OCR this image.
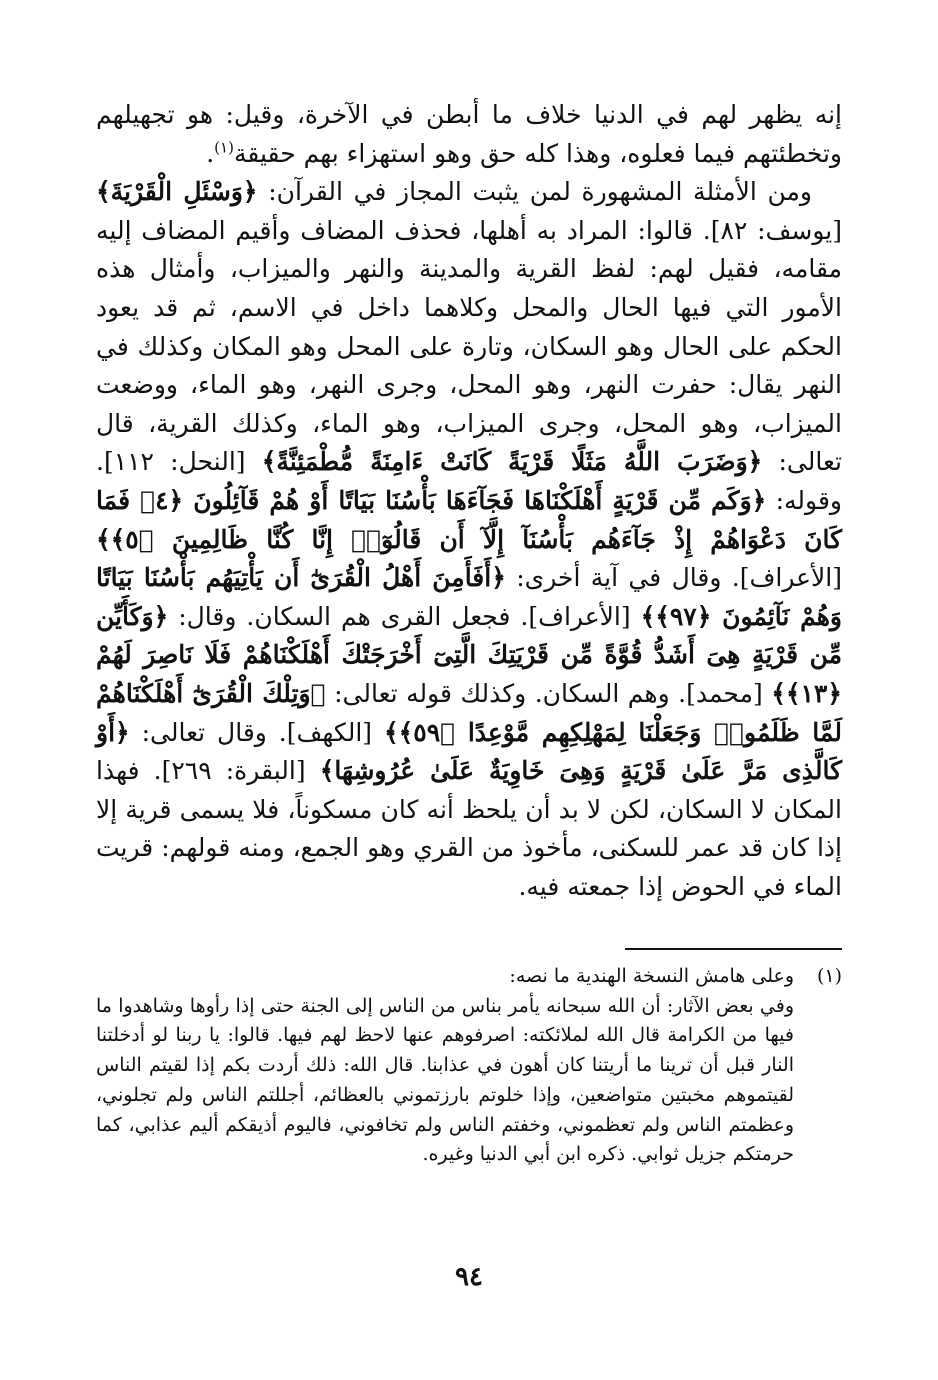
إنه يظهر لهم في الدنيا خلاف ما أبطن في الآخرة، وقيل: هو تجهيلهم وتخطئتهم فيما فعلوه، وهذا كله حق وهو استهزاء بهم حقيقة$^{(١)}$.

ومن الأمثلة المشهورة لمن يثبت المجاز في القرآن: ﴿وَسْئَلِ الْقَرْيَةَ﴾ [يوسف: ٨٢]. قالوا: المراد به أهلها، فحذف المضاف وأقيم المضاف إليه مقامه، فقيل لهم: لفظ القرية والمدينة والنهر والميزاب، وأمثال هذه الأمور التي فيها الحال والمحل وكلاهما داخل في الاسم، ثم قد يعود الحكم على الحال وهو السكان، وتارة على المحل وهو المكان وكذلك في النهر يقال: حفرت النهر، وهو المحل، وجرى النهر، وهو الماء، ووضعت الميزاب، وهو المحل، وجرى الميزاب، وهو الماء، وكذلك القرية، قال تعالى: ﴿وَضَرَبَ اللَّهُ مَثَلًا قَرْيَةً كَانَتْ ءَامِنَةً مُّطْمَئِنَّةً﴾ [النحل: ١١٢]. وقوله: ﴿وَكَم مِّن قَرْيَةٍ أَهْلَكْنَاهَا فَجَآءَهَا بَأْسُنَا بَيَاتًا أَوْ هُمْ قَآئِلُونَ ﴿٤﴾ فَمَا كَانَ دَعْوَاهُمْ إِذْ جَآءَهُم بَأْسُنَآ إِلَّآ أَن قَالُوٓا۟ إِنَّا كُنَّا ظَالِمِينَ ﴿٥﴾﴾ [الأعراف]. وقال في آية أخرى: ﴿أَفَأَمِنَ أَهْلُ الْقُرَىٰٓ أَن يَأْتِيَهُم بَأْسُنَا بَيَاتًا وَهُمْ نَآئِمُونَ ﴿٩٧﴾﴾ [الأعراف]. فجعل القرى هم السكان. وقال: ﴿وَكَأَيِّن مِّن قَرْيَةٍ هِىَ أَشَدُّ قُوَّةً مِّن قَرْيَتِكَ الَّتِىٓ أَخْرَجَتْكَ أَهْلَكْنَاهُمْ فَلَا نَاصِرَ لَهُمْ ﴿١٣﴾﴾ [محمد]. وهم السكان. وكذلك قوله تعالى: ﴿وَتِلْكَ الْقُرَىٰٓ أَهْلَكْنَاهُمْ لَمَّا ظَلَمُوا۟ وَجَعَلْنَا لِمَهْلِكِهِم مَّوْعِدًا ﴿٥٩﴾﴾ [الكهف]. وقال تعالى: ﴿أَوْ كَالَّذِى مَرَّ عَلَىٰ قَرْيَةٍ وَهِىَ خَاوِيَةٌ عَلَىٰ عُرُوشِهَا﴾ [البقرة: ٢٦٩]. فهذا المكان لا السكان، لكن لا بد أن يلحظ أنه كان مسكوناً، فلا يسمى قرية إلا إذا كان قد عمر للسكنى، مأخوذ من القري وهو الجمع، ومنه قولهم: قريت الماء في الحوض إذا جمعته فيه.

(١)

وعلى هامش النسخة الهندية ما نصه:

وفي بعض الآثار: أن الله سبحانه يأمر بناس من الناس إلى الجنة حتى إذا رأوها وشاهدوا ما فيها من الكرامة قال الله لملائكته: اصرفوهم عنها لاحظ لهم فيها. قالوا: يا ربنا لو أدخلتنا النار قبل أن ترينا ما أريتنا كان أهون في عذابنا. قال الله: ذلك أردت بكم إذا لقيتم الناس لقيتموهم مخبتين متواضعين، وإذا خلوتم بارزتموني بالعظائم، أجللتم الناس ولم تجلوني، وعظمتم الناس ولم تعظموني، وخفتم الناس ولم تخافوني، فاليوم أذيقكم أليم عذابي، كما حرمتكم جزيل ثوابي. ذكره ابن أبي الدنيا وغيره.

٩٤
